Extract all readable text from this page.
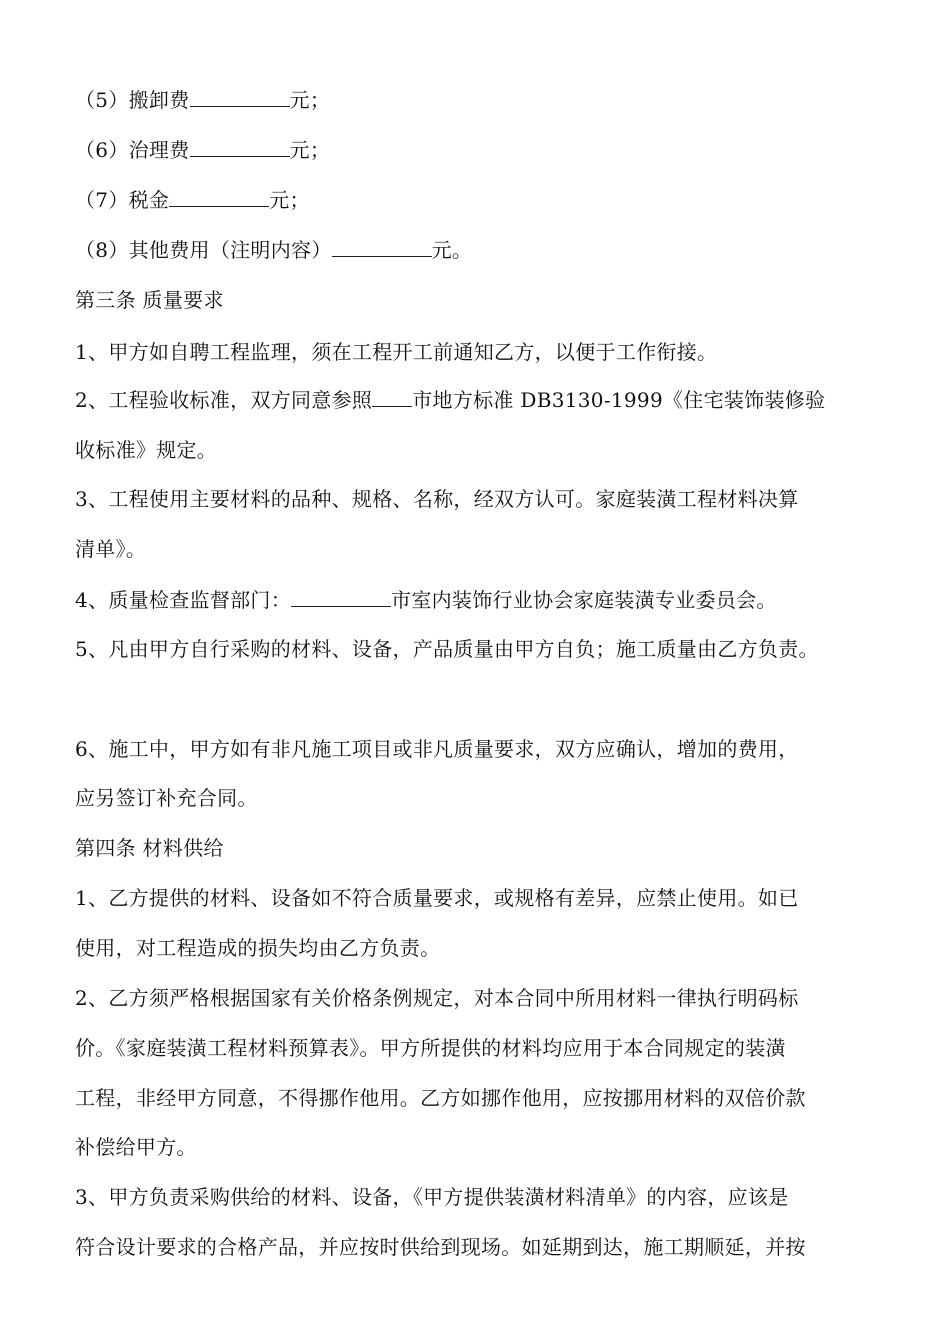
（5）搬卸费	元；
（6）治理费	元；
（7）税金	元；
（8）其他费用（注明内容）	元。
第三条 质量要求
1、甲方如自聘工程监理，须在工程开工前通知乙方，以便于工作衔接。
2、工程验收标准，双方同意参照 市地方标准 DB3130-1999《住宅装饰装修验
收标准》规定。
3、工程使用主要材料的品种、规格、名称，经双方认可。家庭装潢工程材料决算
清单》。
4、质量检查监督部门：	市室内装饰行业协会家庭装潢专业委员会。
5、凡由甲方自行采购的材料、设备，产品质量由甲方自负；施工质量由乙方负责。
6、施工中，甲方如有非凡施工项目或非凡质量要求，双方应确认，增加的费用，
应另签订补充合同。
第四条 材料供给
1、乙方提供的材料、设备如不符合质量要求，或规格有差异，应禁止使用。如已
使用，对工程造成的损失均由乙方负责。
2、乙方须严格根据国家有关价格条例规定，对本合同中所用材料一律执行明码标
价。《家庭装潢工程材料预算表》。甲方所提供的材料均应用于本合同规定的装潢
工程，非经甲方同意，不得挪作他用。乙方如挪作他用，应按挪用材料的双倍价款
补偿给甲方。
3、甲方负责采购供给的材料、设备，《甲方提供装潢材料清单》的内容，应该是
符合设计要求的合格产品，并应按时供给到现场。如延期到达，施工期顺延，并按
